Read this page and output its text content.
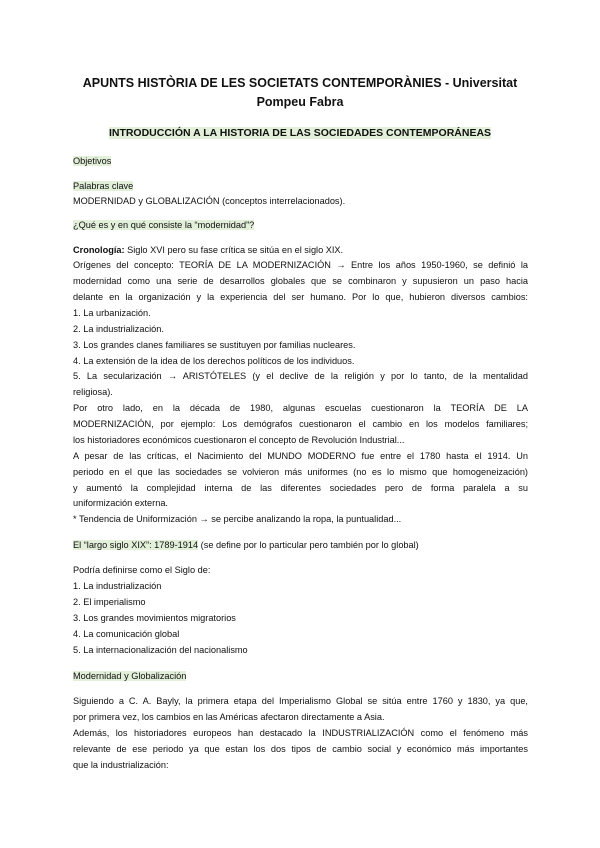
APUNTS HISTÒRIA DE LES SOCIETATS CONTEMPORÀNIES - Universitat
Pompeu Fabra
INTRODUCCIÓN A LA HISTORIA DE LAS SOCIEDADES CONTEMPORÁNEAS
Objetivos
Palabras clave
MODERNIDAD y GLOBALIZACIÓN (conceptos interrelacionados).
¿Qué es y en qué consiste la “modernidad”?
Cronología: Siglo XVI pero su fase crítica se sitúa en el siglo XIX.
Orígenes del concepto: TEORÍA DE LA MODERNIZACIÓN → Entre los años 1950-1960, se definió la
modernidad como una serie de desarrollos globales que se combinaron y supusieron un paso hacia
delante en la organización y la experiencia del ser humano. Por lo que, hubieron diversos cambios:
1. La urbanización.
2. La industrialización.
3. Los grandes clanes familiares se sustituyen por familias nucleares.
4. La extensión de la idea de los derechos políticos de los individuos.
5. La secularización → ARISTÓTELES (y el declive de la religión y por lo tanto, de la mentalidad
religiosa).
Por otro lado, en la década de 1980, algunas escuelas cuestionaron la TEORÍA DE LA
MODERNIZACIÓN, por ejemplo: Los demógrafos cuestionaron el cambio en los modelos familiares;
los historiadores económicos cuestionaron el concepto de Revolución Industrial...
A pesar de las críticas, el Nacimiento del MUNDO MODERNO fue entre el 1780 hasta el 1914. Un
periodo en el que las sociedades se volvieron más uniformes (no es lo mismo que homogeneización)
y aumentó la complejidad interna de las diferentes sociedades pero de forma paralela a su
uniformización externa.
* Tendencia de Uniformización → se percibe analizando la ropa, la puntualidad...
El “largo siglo XIX”: 1789-1914 (se define por lo particular pero también por lo global)
Podría definirse como el Siglo de:
1. La industrialización
2. El imperialismo
3. Los grandes movimientos migratorios
4. La comunicación global
5. La internacionalización del nacionalismo
Modernidad y Globalización
Siguiendo a C. A. Bayly, la primera etapa del Imperialismo Global se sitúa entre 1760 y 1830, ya que,
por primera vez, los cambios en las Américas afectaron directamente a Asia.
Además, los historiadores europeos han destacado la INDUSTRIALIZACIÓN como el fenómeno más
relevante de ese periodo ya que estan los dos tipos de cambio social y económico más importantes
que la industrialización:
